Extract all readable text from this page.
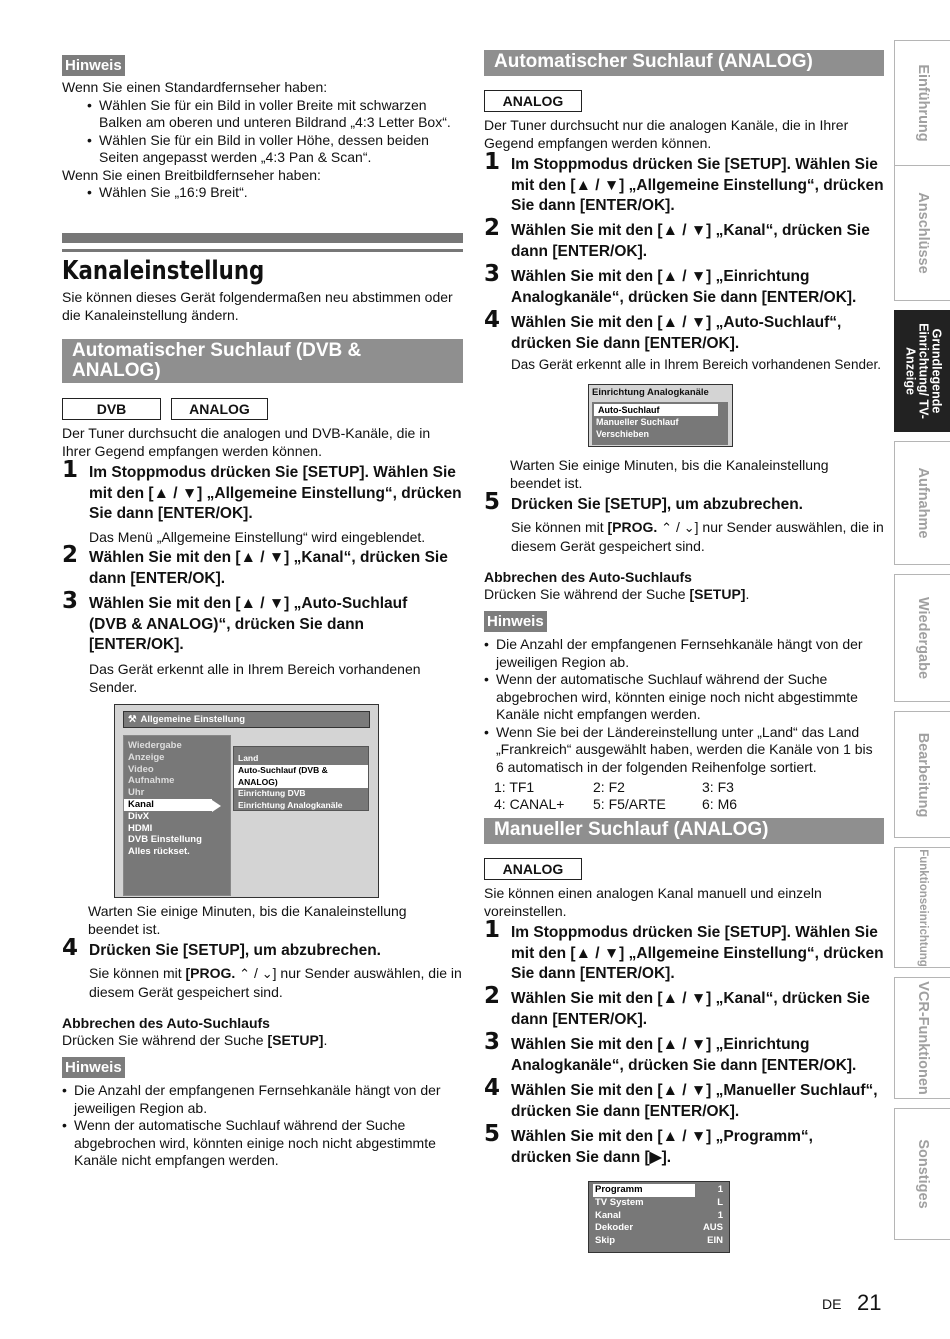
Hinweis

Wenn Sie einen Standardfernseher haben:

• Wählen Sie für ein Bild in voller Breite mit schwarzen Balken am oberen und unteren Bildrand „4:3 Letter Box“.
• Wählen Sie für ein Bild in voller Höhe, dessen beiden Seiten angepasst werden „4:3 Pan & Scan“.

Wenn Sie einen Breitbildfernseher haben:

• Wählen Sie „16:9 Breit“.
Kanaleinstellung

Sie können dieses Gerät folgendermaßen neu abstimmen oder die Kanaleinstellung ändern.

Automatischer Suchlauf (DVB & ANALOG)
DVB	ANALOG

Der Tuner durchsucht die analogen und DVB-Kanäle, die in Ihrer Gegend empfangen werden können.

1 Im Stoppmodus drücken Sie [SETUP]. Wählen Sie mit den [▲ / ▼] „Allgemeine Einstellung“, drücken Sie dann [ENTER/OK].
Das Menü „Allgemeine Einstellung“ wird eingeblendet.
2 Wählen Sie mit den [▲ / ▼] „Kanal“, drücken Sie dann [ENTER/OK].
3 Wählen Sie mit den [▲ / ▼] „Auto-Suchlauf (DVB & ANALOG)“, drücken Sie dann [ENTER/OK].
Das Gerät erkennt alle in Ihrem Bereich vorhandenen Sender.
⚒ Allgemeine Einstellung
Wiedergabe
Anzeige
Video
Aufnahme
Uhr
Kanal
DivX
HDMI
DVB Einstellung
Alles rückset.
Land
Auto-Suchlauf (DVB & ANALOG)
Einrichtung DVB
Einrichtung Analogkanäle

Warten Sie einige Minuten, bis die Kanaleinstellung beendet ist.

4 Drücken Sie [SETUP], um abzubrechen.
Sie können mit [PROG. ⌃ / ⌄] nur Sender auswählen, die in diesem Gerät gespeichert sind.
Abbrechen des Auto-Suchlaufs

Drücken Sie während der Suche [SETUP].

Hinweis
• Die Anzahl der empfangenen Fernsehkanäle hängt von der jeweiligen Region ab.
• Wenn der automatische Suchlauf während der Suche abgebrochen wird, könnten einige noch nicht abgestimmte Kanäle nicht empfangen werden.
Automatischer Suchlauf (ANALOG)
ANALOG

Der Tuner durchsucht nur die analogen Kanäle, die in Ihrer Gegend empfangen werden können.

1 Im Stoppmodus drücken Sie [SETUP]. Wählen Sie mit den [▲ / ▼] „Allgemeine Einstellung“, drücken Sie dann [ENTER/OK].
2 Wählen Sie mit den [▲ / ▼] „Kanal“, drücken Sie dann [ENTER/OK].
3 Wählen Sie mit den [▲ / ▼] „Einrichtung Analogkanäle“, drücken Sie dann [ENTER/OK].
4 Wählen Sie mit den [▲ / ▼] „Auto-Suchlauf“, drücken Sie dann [ENTER/OK].
Das Gerät erkennt alle in Ihrem Bereich vorhandenen Sender.
Einrichtung Analogkanäle
Auto-Suchlauf
Manueller Suchlauf
Verschieben

Warten Sie einige Minuten, bis die Kanaleinstellung beendet ist.

5 Drücken Sie [SETUP], um abzubrechen.
Sie können mit [PROG. ⌃ / ⌄] nur Sender auswählen, die in diesem Gerät gespeichert sind.
Abbrechen des Auto-Suchlaufs

Drücken Sie während der Suche [SETUP].

Hinweis
• Die Anzahl der empfangenen Fernsehkanäle hängt von der jeweiligen Region ab.
• Wenn der automatische Suchlauf während der Suche abgebrochen wird, könnten einige noch nicht abgestimmte Kanäle nicht empfangen werden.
• Wenn Sie bei der Ländereinstellung unter „Land“ das Land „Frankreich“ ausgewählt haben, werden die Kanäle von 1 bis 6 automatisch in der folgenden Reihenfolge sortiert.
1: TF1	2: F2	3: F3
4: CANAL+ 5: F5/ARTE	6: M6
Manueller Suchlauf (ANALOG)
ANALOG

Sie können einen analogen Kanal manuell und einzeln voreinstellen.

1 Im Stoppmodus drücken Sie [SETUP]. Wählen Sie mit den [▲ / ▼] „Allgemeine Einstellung“, drücken Sie dann [ENTER/OK].
2 Wählen Sie mit den [▲ / ▼] „Kanal“, drücken Sie dann [ENTER/OK].
3 Wählen Sie mit den [▲ / ▼] „Einrichtung Analogkanäle“, drücken Sie dann [ENTER/OK].
4 Wählen Sie mit den [▲ / ▼] „Manueller Suchlauf“, drücken Sie dann [ENTER/OK].
5 Wählen Sie mit den [▲ / ▼] „Programm“, drücken Sie dann [▶].
Programm	1
TV System	L
Kanal	1
Dekoder	AUS
Skip	EIN
Einführung
Anschlüsse
Grundlegende Einrichtung/ TV-Anzeige
Aufnahme
Wiedergabe
Bearbeitung
Funktionseinrichtung
VCR-Funktionen
Sonstiges
DE 21
